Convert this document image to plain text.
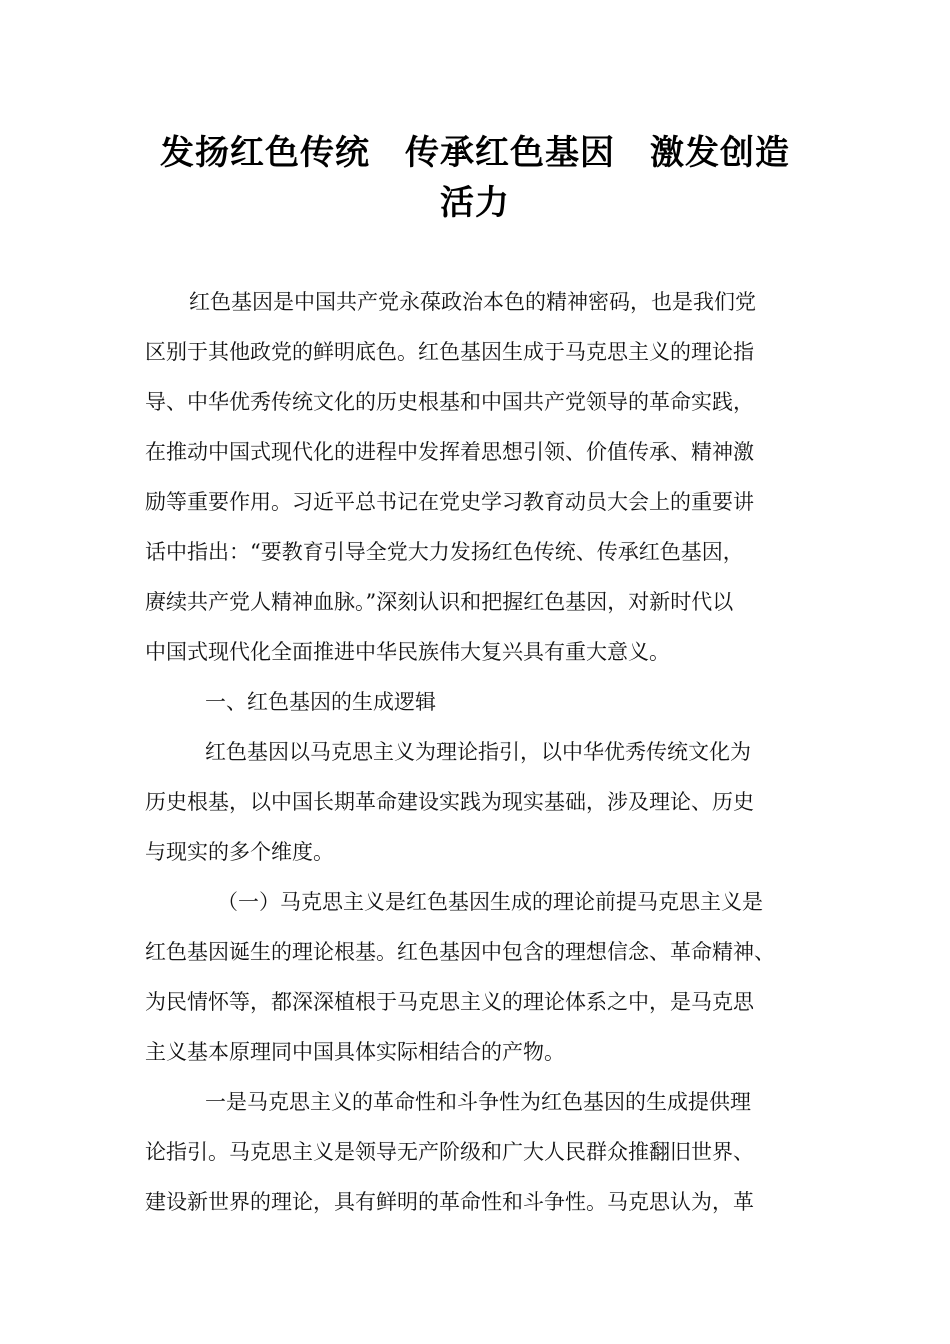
发扬红色传统　传承红色基因　激发创造
活力
红色基因是中国共产党永葆政治本色的精神密码，也是我们党
区别于其他政党的鲜明底色。红色基因生成于马克思主义的理论指
导、中华优秀传统文化的历史根基和中国共产党领导的革命实践，
在推动中国式现代化的进程中发挥着思想引领、价值传承、精神激
励等重要作用。习近平总书记在党史学习教育动员大会上的重要讲
话中指出：“要教育引导全党大力发扬红色传统、传承红色基因，
赓续共产党人精神血脉。”深刻认识和把握红色基因，对新时代以
中国式现代化全面推进中华民族伟大复兴具有重大意义。
一、红色基因的生成逻辑
红色基因以马克思主义为理论指引，以中华优秀传统文化为
历史根基，以中国长期革命建设实践为现实基础，涉及理论、历史
与现实的多个维度。
（一）马克思主义是红色基因生成的理论前提马克思主义是
红色基因诞生的理论根基。红色基因中包含的理想信念、革命精神、
为民情怀等，都深深植根于马克思主义的理论体系之中，是马克思
主义基本原理同中国具体实际相结合的产物。
一是马克思主义的革命性和斗争性为红色基因的生成提供理
论指引。马克思主义是领导无产阶级和广大人民群众推翻旧世界、
建设新世界的理论，具有鲜明的革命性和斗争性。马克思认为，革
